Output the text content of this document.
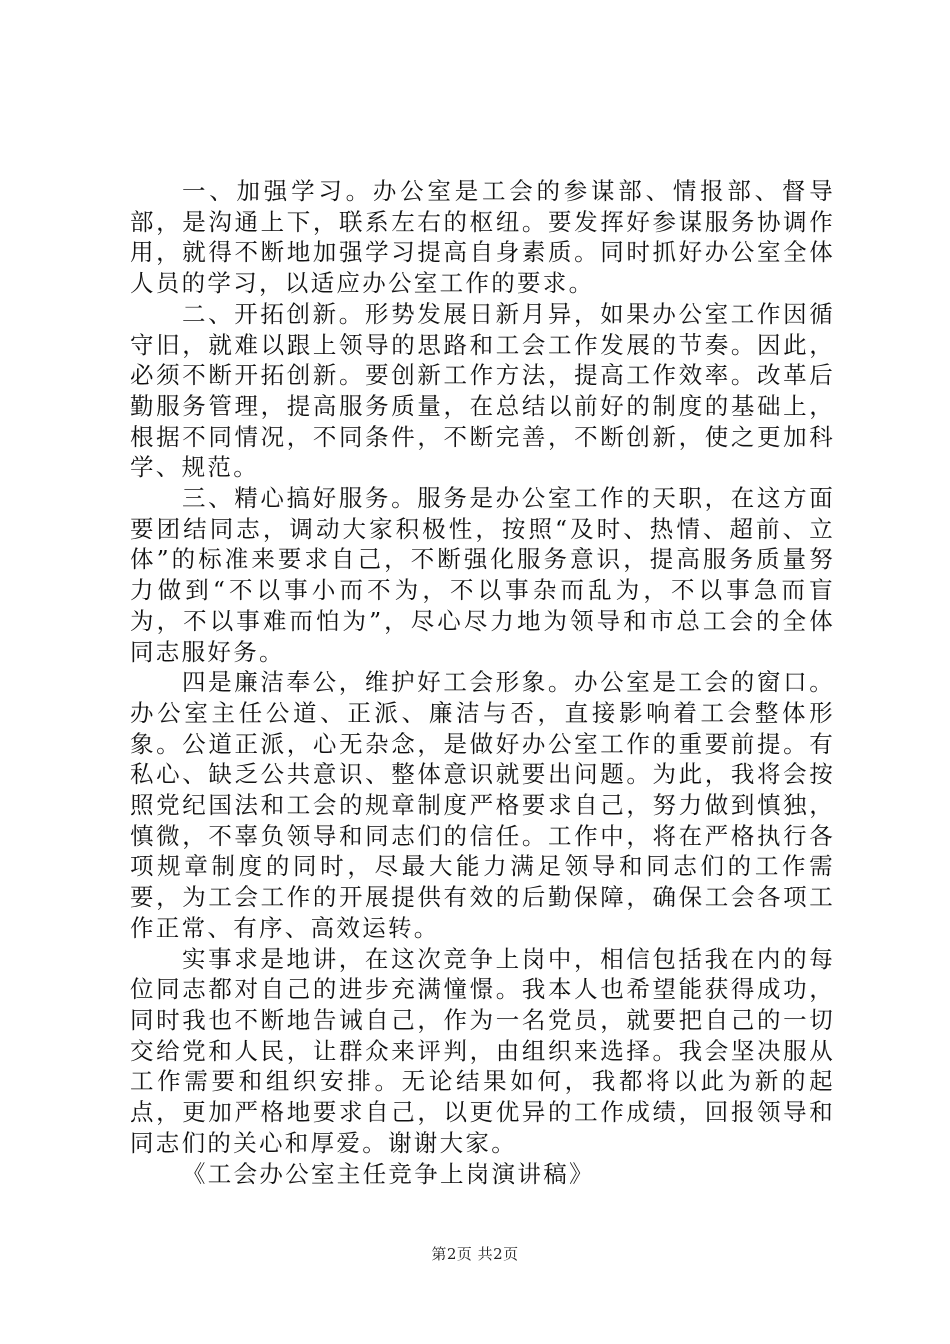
一、加强学习。办公室是工会的参谋部、情报部、督导部，是沟通上下，联系左右的枢纽。要发挥好参谋服务协调作用，就得不断地加强学习提高自身素质。同时抓好办公室全体人员的学习，以适应办公室工作的要求。

二、开拓创新。形势发展日新月异，如果办公室工作因循守旧，就难以跟上领导的思路和工会工作发展的节奏。因此，必须不断开拓创新。要创新工作方法，提高工作效率。改革后勤服务管理，提高服务质量，在总结以前好的制度的基础上，根据不同情况，不同条件，不断完善，不断创新，使之更加科学、规范。

三、精心搞好服务。服务是办公室工作的天职，在这方面要团结同志，调动大家积极性，按照“及时、热情、超前、立体”的标准来要求自己，不断强化服务意识，提高服务质量努力做到“不以事小而不为，不以事杂而乱为，不以事急而盲为，不以事难而怕为”，尽心尽力地为领导和市总工会的全体同志服好务。

四是廉洁奉公，维护好工会形象。办公室是工会的窗口。办公室主任公道、正派、廉洁与否，直接影响着工会整体形象。公道正派，心无杂念，是做好办公室工作的重要前提。有私心、缺乏公共意识、整体意识就要出问题。为此，我将会按照党纪国法和工会的规章制度严格要求自己，努力做到慎独，慎微，不辜负领导和同志们的信任。工作中，将在严格执行各项规章制度的同时，尽最大能力满足领导和同志们的工作需要，为工会工作的开展提供有效的后勤保障，确保工会各项工作正常、有序、高效运转。

实事求是地讲，在这次竞争上岗中，相信包括我在内的每位同志都对自己的进步充满憧憬。我本人也希望能获得成功，同时我也不断地告诫自己，作为一名党员，就要把自己的一切交给党和人民，让群众来评判，由组织来选择。我会坚决服从工作需要和组织安排。无论结果如何，我都将以此为新的起点，更加严格地要求自己，以更优异的工作成绩，回报领导和同志们的关心和厚爱。谢谢大家。

《工会办公室主任竞争上岗演讲稿》

第2页 共2页
